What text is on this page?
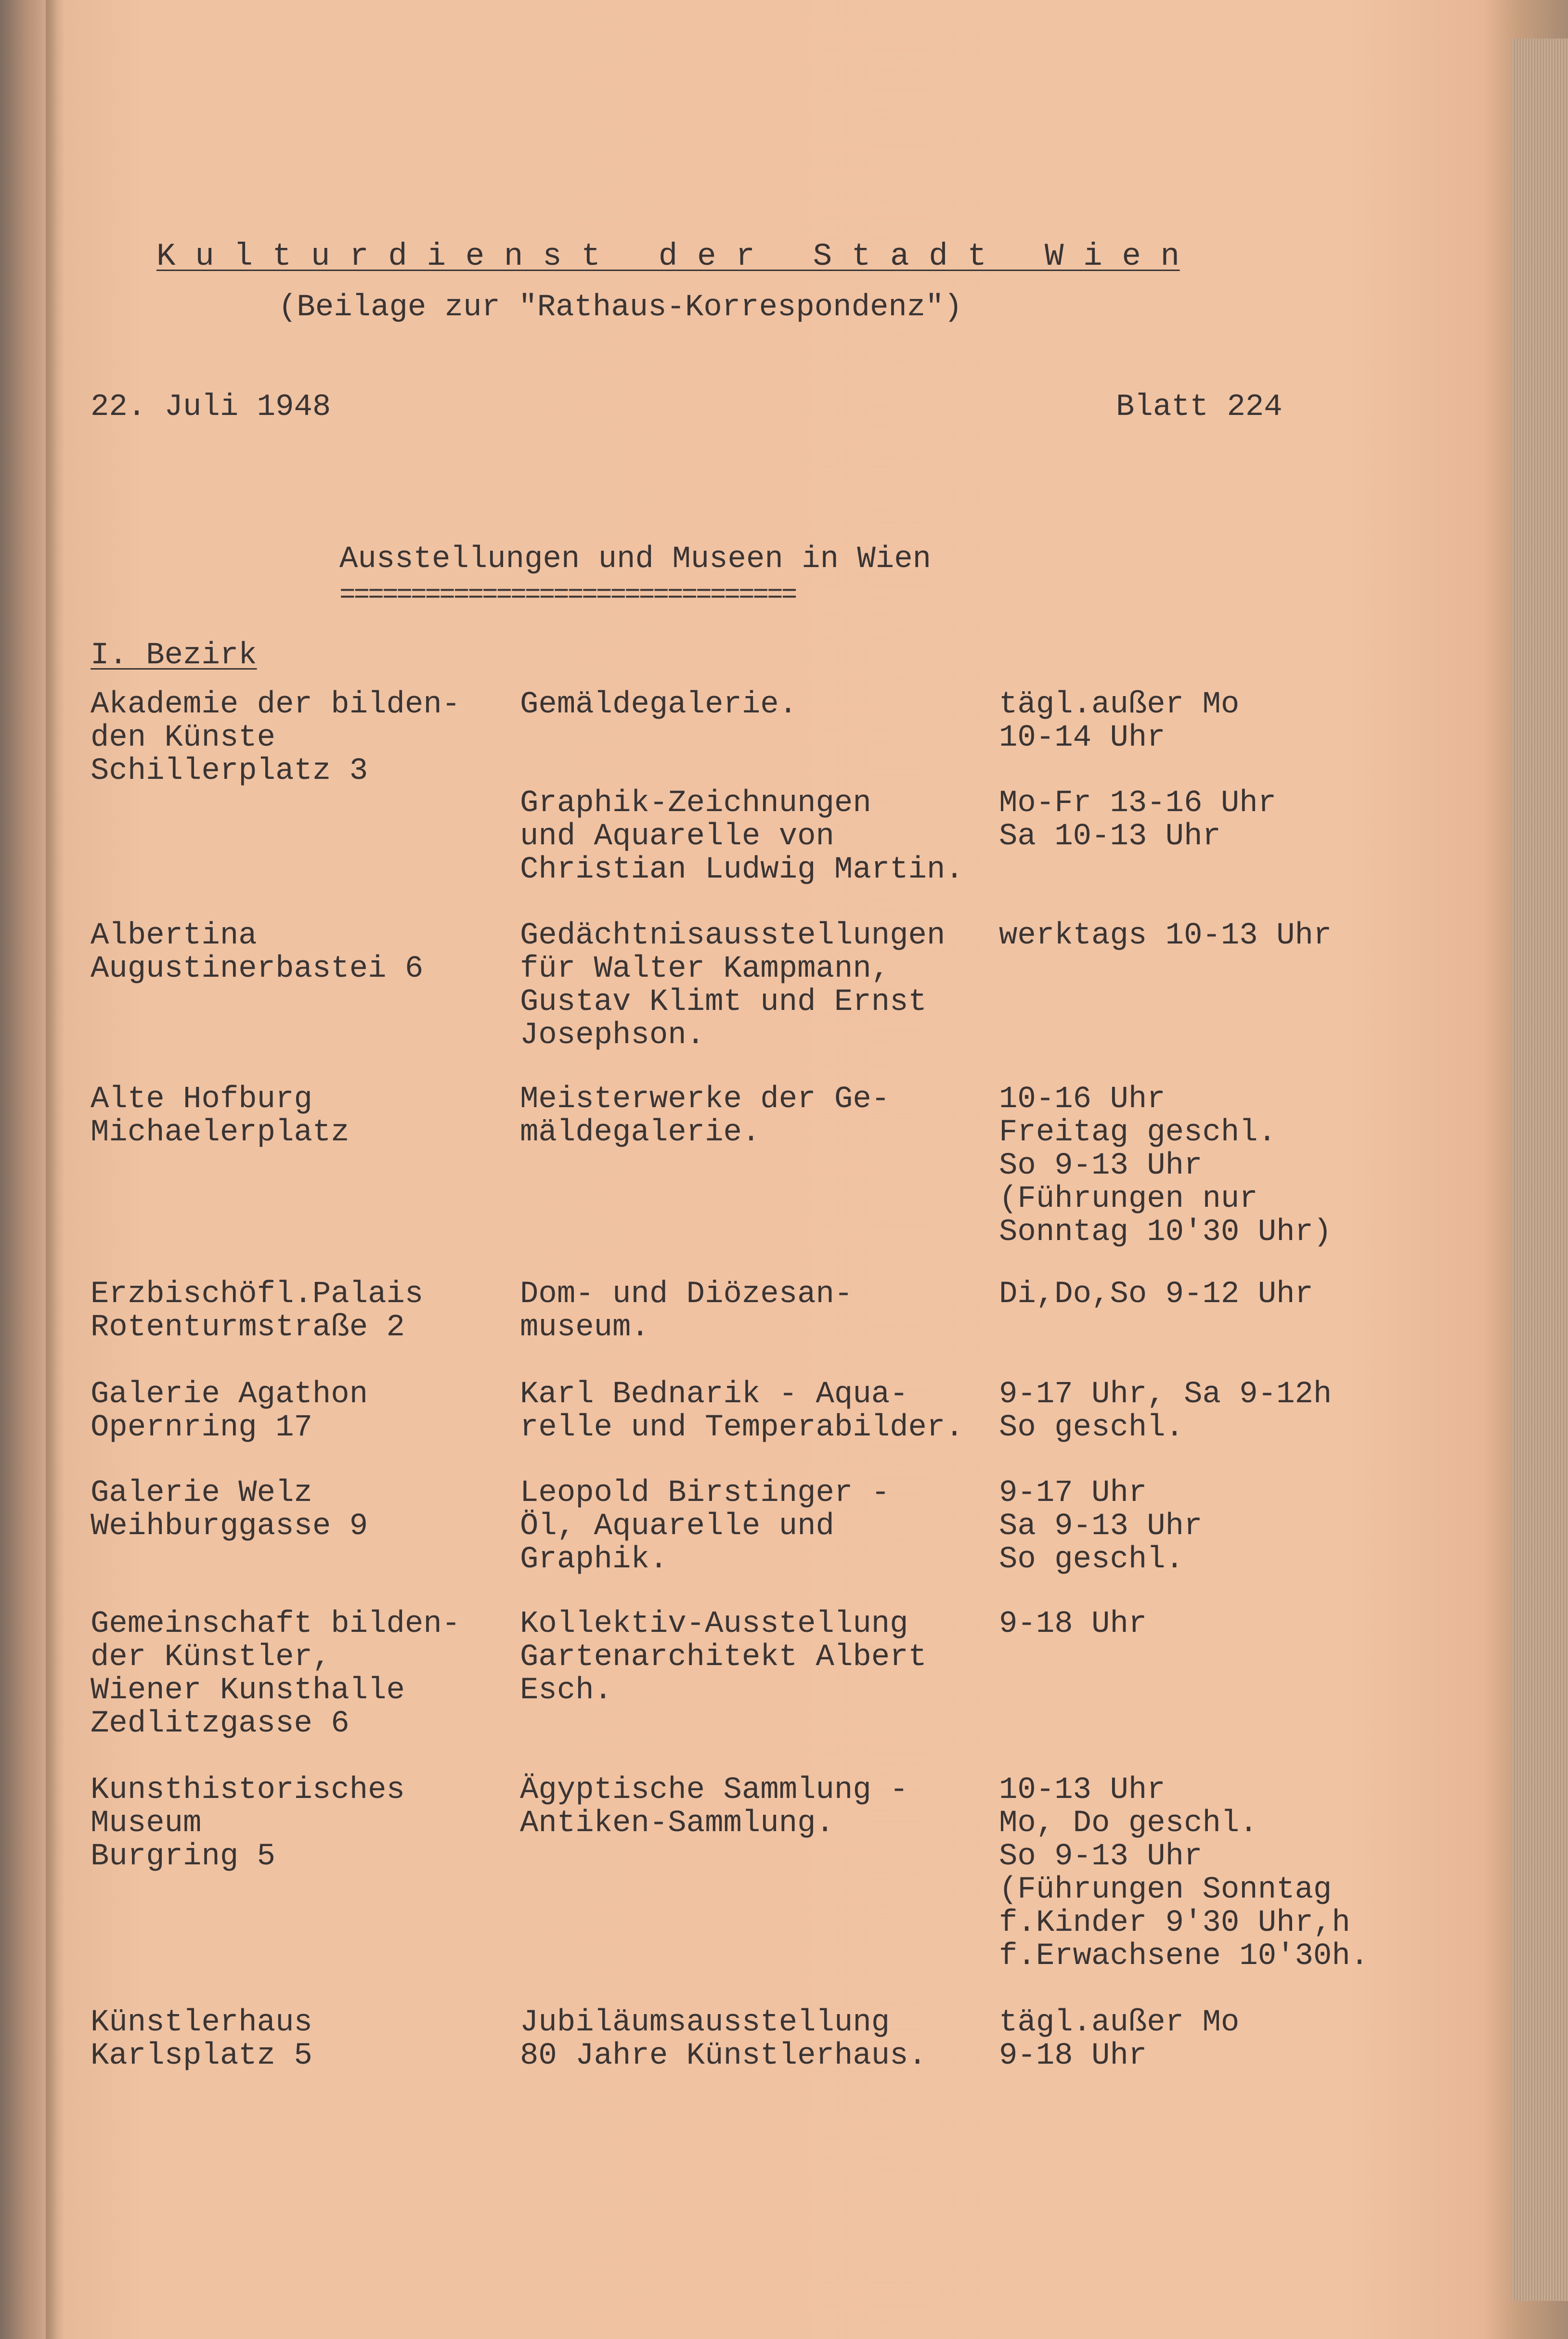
K u l t u r d i e n s t   d e r   S t a d t   W i e n
(Beilage zur "Rathaus-Korrespondenz")
22. Juli 1948	Blatt 224
Ausstellungen und Museen in Wien
================================
I. Bezirk
Akademie der bilden-
den Künste
Schillerplatz 3
Gemäldegalerie.	tägl.außer Mo
10-14 Uhr
Graphik-Zeichnungen
und Aquarelle von
Christian Ludwig Martin.
Mo-Fr 13-16 Uhr
Sa 10-13 Uhr
Albertina
Augustinerbastei 6
Gedächtnisausstellungen
für Walter Kampmann,
Gustav Klimt und Ernst
Josephson.
werktags 10-13 Uhr
Alte Hofburg
Michaelerplatz
Meisterwerke der Ge-
mäldegalerie.
10-16 Uhr
Freitag geschl.
So 9-13 Uhr
(Führungen nur
Sonntag 10'30 Uhr)
Erzbischöfl.Palais
Rotenturmstraße 2
Dom- und Diözesan-
museum.
Di,Do,So 9-12 Uhr
Galerie Agathon
Opernring 17
Karl Bednarik - Aqua-
relle und Temperabilder.
9-17 Uhr, Sa 9-12h
So geschl.
Galerie Welz
Weihburggasse 9
Leopold Birstinger -
Öl, Aquarelle und
Graphik.
9-17 Uhr
Sa 9-13 Uhr
So geschl.
Gemeinschaft bilden-
der Künstler,
Wiener Kunsthalle
Zedlitzgasse 6
Kollektiv-Ausstellung
Gartenarchitekt Albert
Esch.
9-18 Uhr
Kunsthistorisches
Museum
Burgring 5
Ägyptische Sammlung -
Antiken-Sammlung.
10-13 Uhr
Mo, Do geschl.
So 9-13 Uhr
(Führungen Sonntag
f.Kinder 9'30 Uhr,h
f.Erwachsene 10'30h.
Künstlerhaus
Karlsplatz 5
Jubiläumsausstellung
80 Jahre Künstlerhaus.
tägl.außer Mo
9-18 Uhr
